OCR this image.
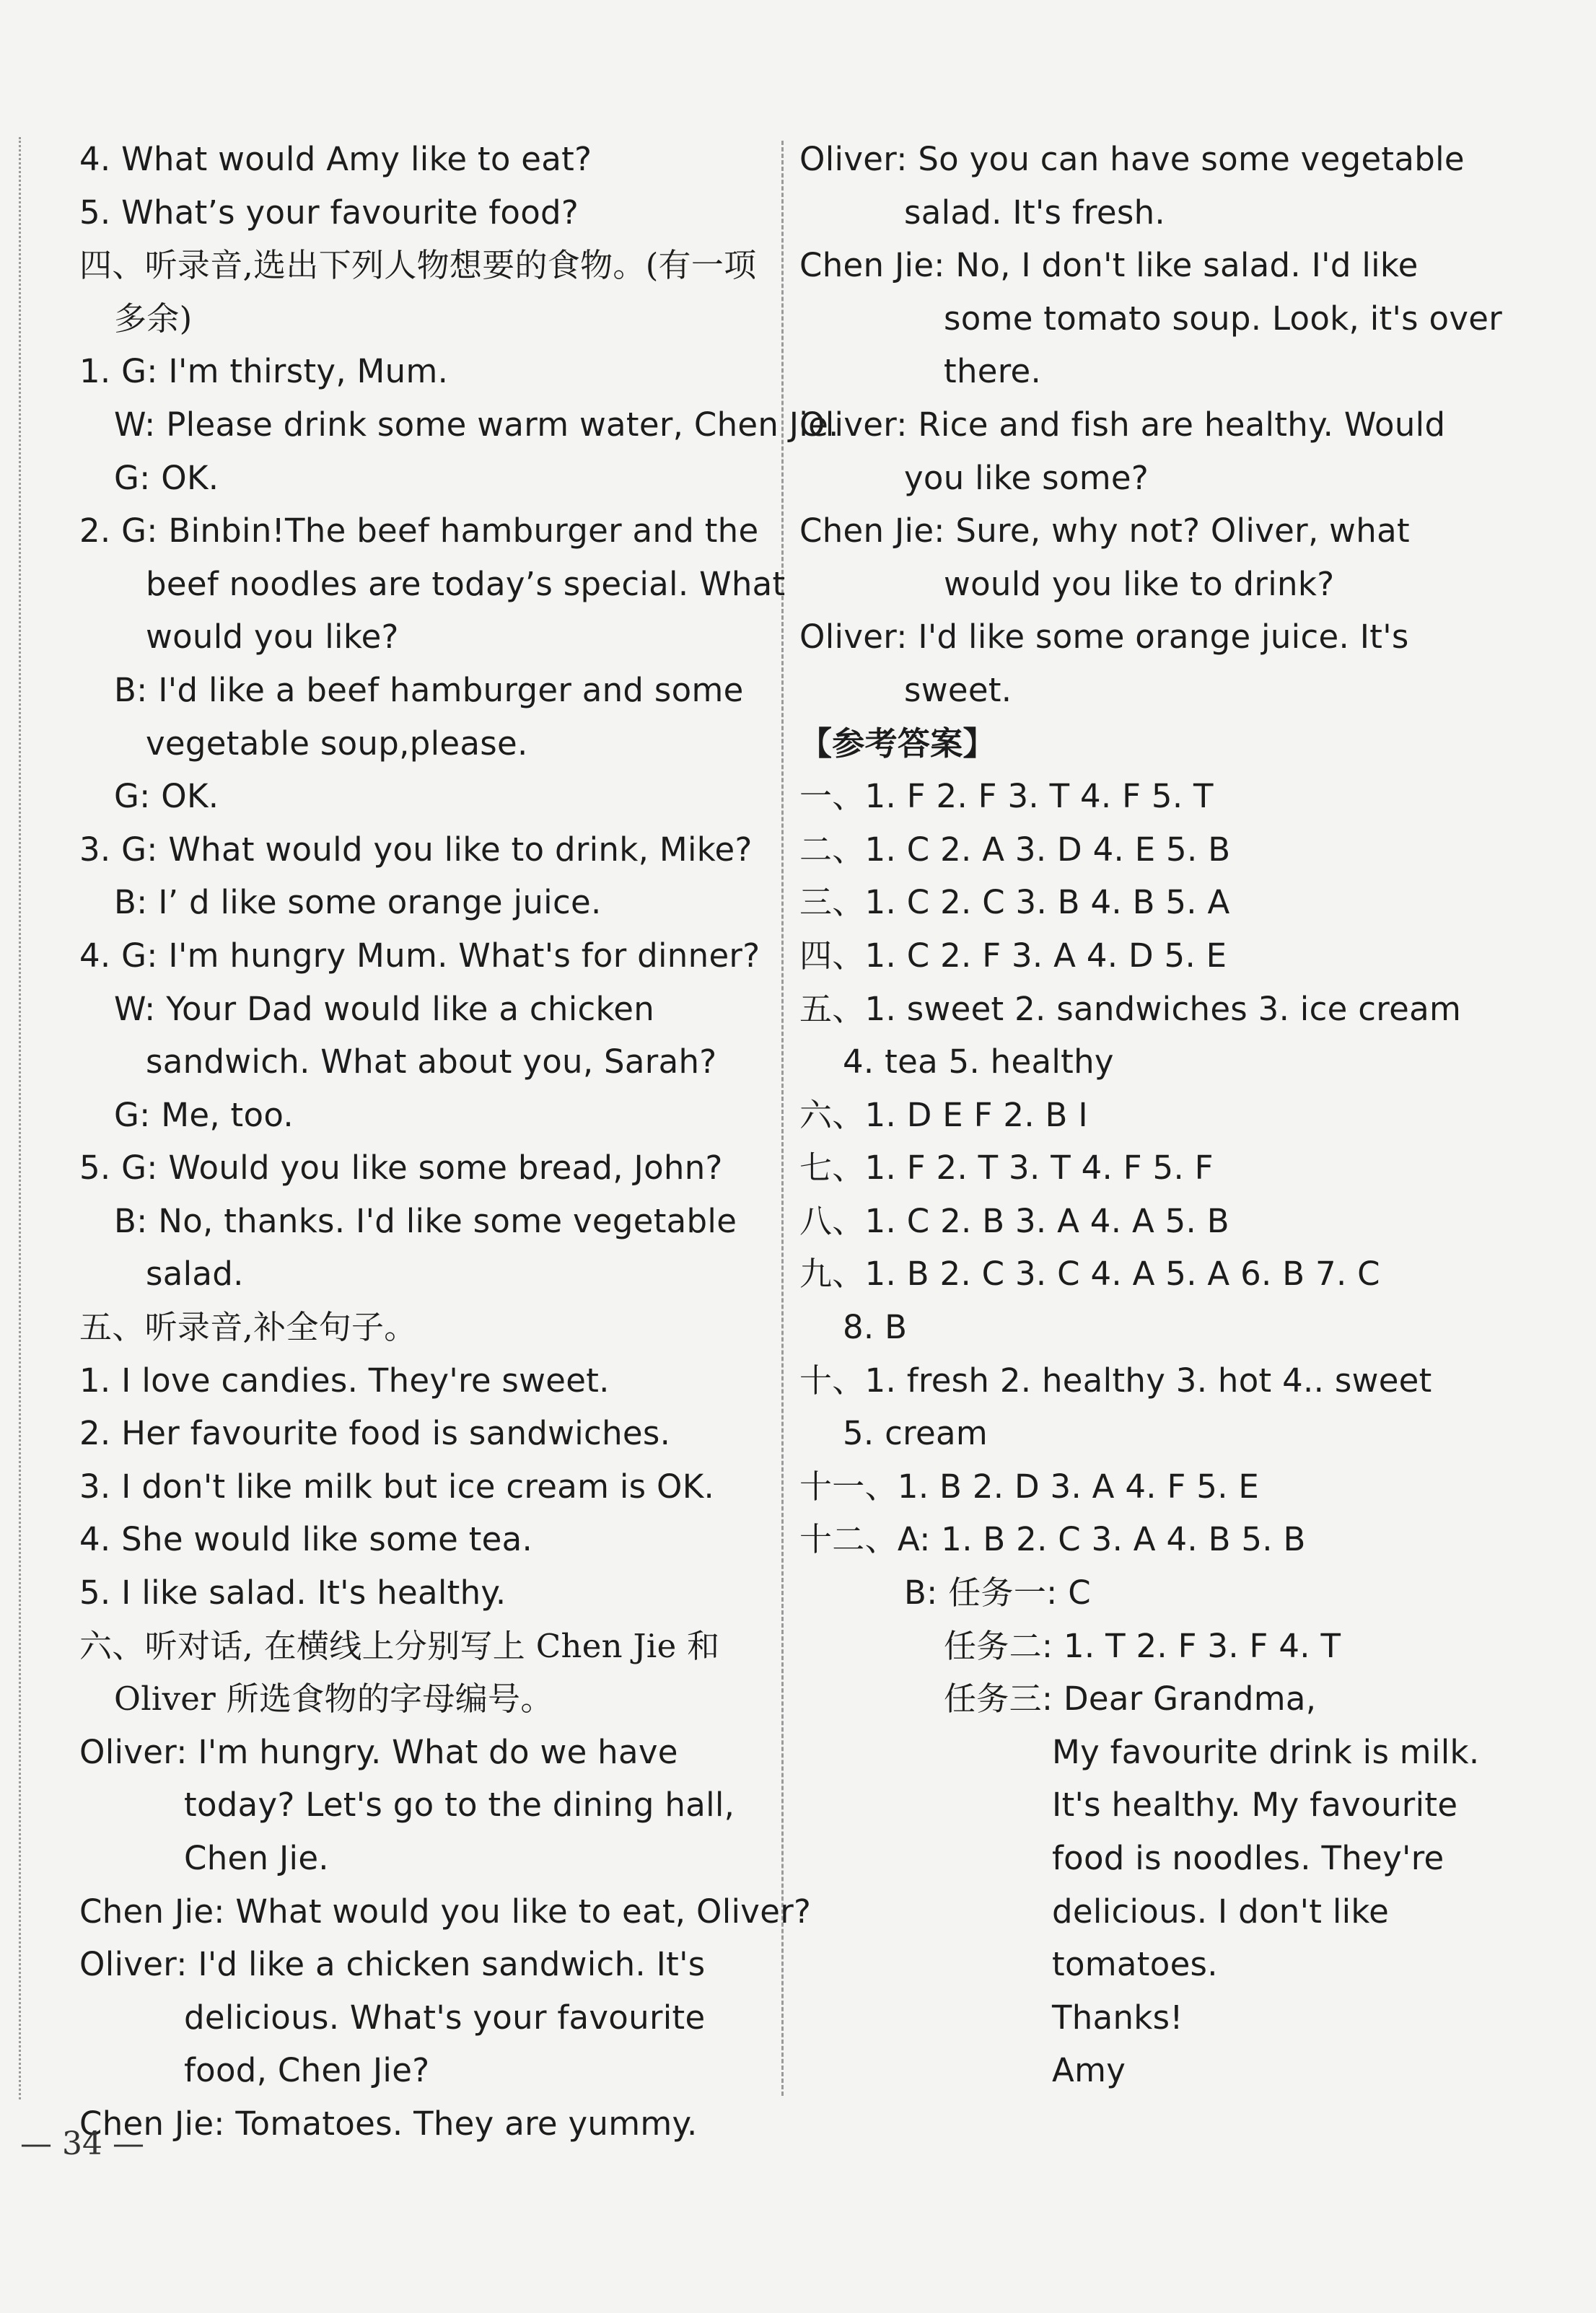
4. What would Amy like to eat?
5. What’s your favourite food?
四、听录音,选出下列人物想要的食物。(有一项
多余)
1. G: I'm thirsty, Mum.
W: Please drink some warm water, Chen Jie.
G: OK.
2. G: Binbin!The beef hamburger and the
beef noodles are today’s special. What
would you like?
B: I'd like a beef hamburger and some
vegetable soup,please.
G: OK.
3. G: What would you like to drink, Mike?
B: I’ d like some orange juice.
4. G: I'm hungry Mum. What's for dinner?
W: Your Dad would like a chicken
sandwich. What about you, Sarah?
G: Me, too.
5. G: Would you like some bread, John?
B: No, thanks. I'd like some vegetable
salad.
五、听录音,补全句子。
1. I love candies. They're sweet.
2. Her favourite food is sandwiches.
3. I don't like milk but ice cream is OK.
4. She would like some tea.
5. I like salad. It's healthy.
六、听对话, 在横线上分别写上 Chen Jie 和
Oliver 所选食物的字母编号。
Oliver: I'm hungry. What do we have
today? Let's go to the dining hall,
Chen Jie.
Chen Jie: What would you like to eat, Oliver?
Oliver: I'd like a chicken sandwich. It's
delicious. What's your favourite
food, Chen Jie?
Chen Jie: Tomatoes. They are yummy.
Oliver: So you can have some vegetable
salad. It's fresh.
Chen Jie: No, I don't like salad. I'd like
some tomato soup. Look, it's over
there.
Oliver: Rice and fish are healthy. Would
you like some?
Chen Jie: Sure, why not? Oliver, what
would you like to drink?
Oliver: I'd like some orange juice. It's
sweet.
【参考答案】
一、1. F 2. F 3. T 4. F 5. T
二、1. C 2. A 3. D 4. E 5. B
三、1. C 2. C 3. B 4. B 5. A
四、1. C 2. F 3. A 4. D 5. E
五、1. sweet 2. sandwiches 3. ice cream
4. tea 5. healthy
六、1. D E F 2. B I
七、1. F 2. T 3. T 4. F 5. F
八、1. C 2. B 3. A 4. A 5. B
九、1. B 2. C 3. C 4. A 5. A 6. B 7. C
8. B
十、1. fresh 2. healthy 3. hot 4.. sweet
5. cream
十一、1. B 2. D 3. A 4. F 5. E
十二、A: 1. B 2. C 3. A 4. B 5. B
B: 任务一: C
任务二: 1. T 2. F 3. F 4. T
任务三: Dear Grandma,
My favourite drink is milk.
It's healthy. My favourite
food is noodles. They're
delicious. I don't like
tomatoes.
Thanks!
Amy
— 34 —
